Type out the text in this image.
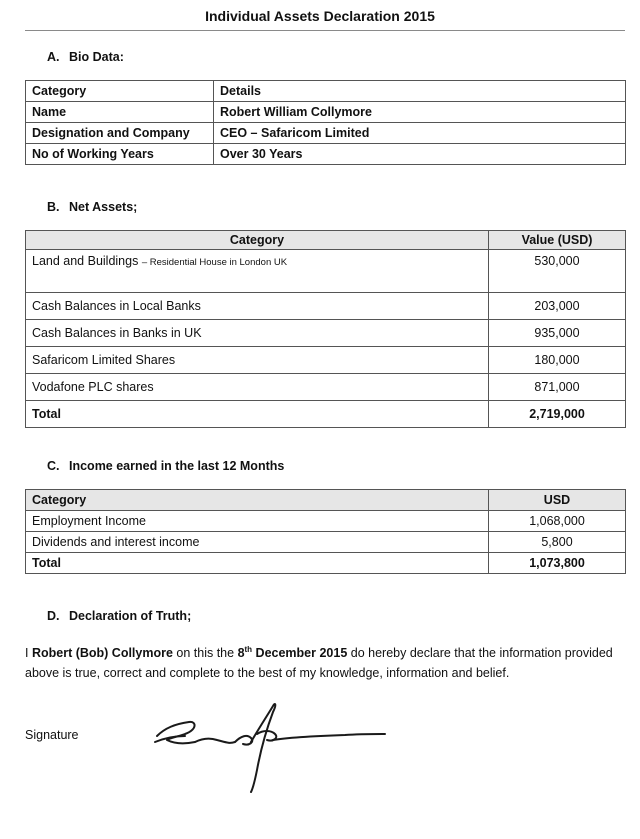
Individual Assets Declaration 2015
A. Bio Data:
Category	Details
Name	Robert William Collymore
Designation and Company	CEO – Safaricom Limited
No of Working Years	Over 30 Years
B. Net Assets;
Category	Value (USD)
Land and Buildings – Residential House in London UK	530,000
Cash Balances in Local Banks	203,000
Cash Balances in Banks in UK	935,000
Safaricom Limited Shares	180,000
Vodafone PLC shares	871,000
Total	2,719,000
C. Income earned in the last 12 Months
Category	USD
Employment Income	1,068,000
Dividends and interest income	5,800
Total	1,073,800
D. Declaration of Truth;
I Robert (Bob) Collymore on this the 8th December 2015 do hereby declare that the information provided above is true, correct and complete to the best of my knowledge, information and belief.
Signature
